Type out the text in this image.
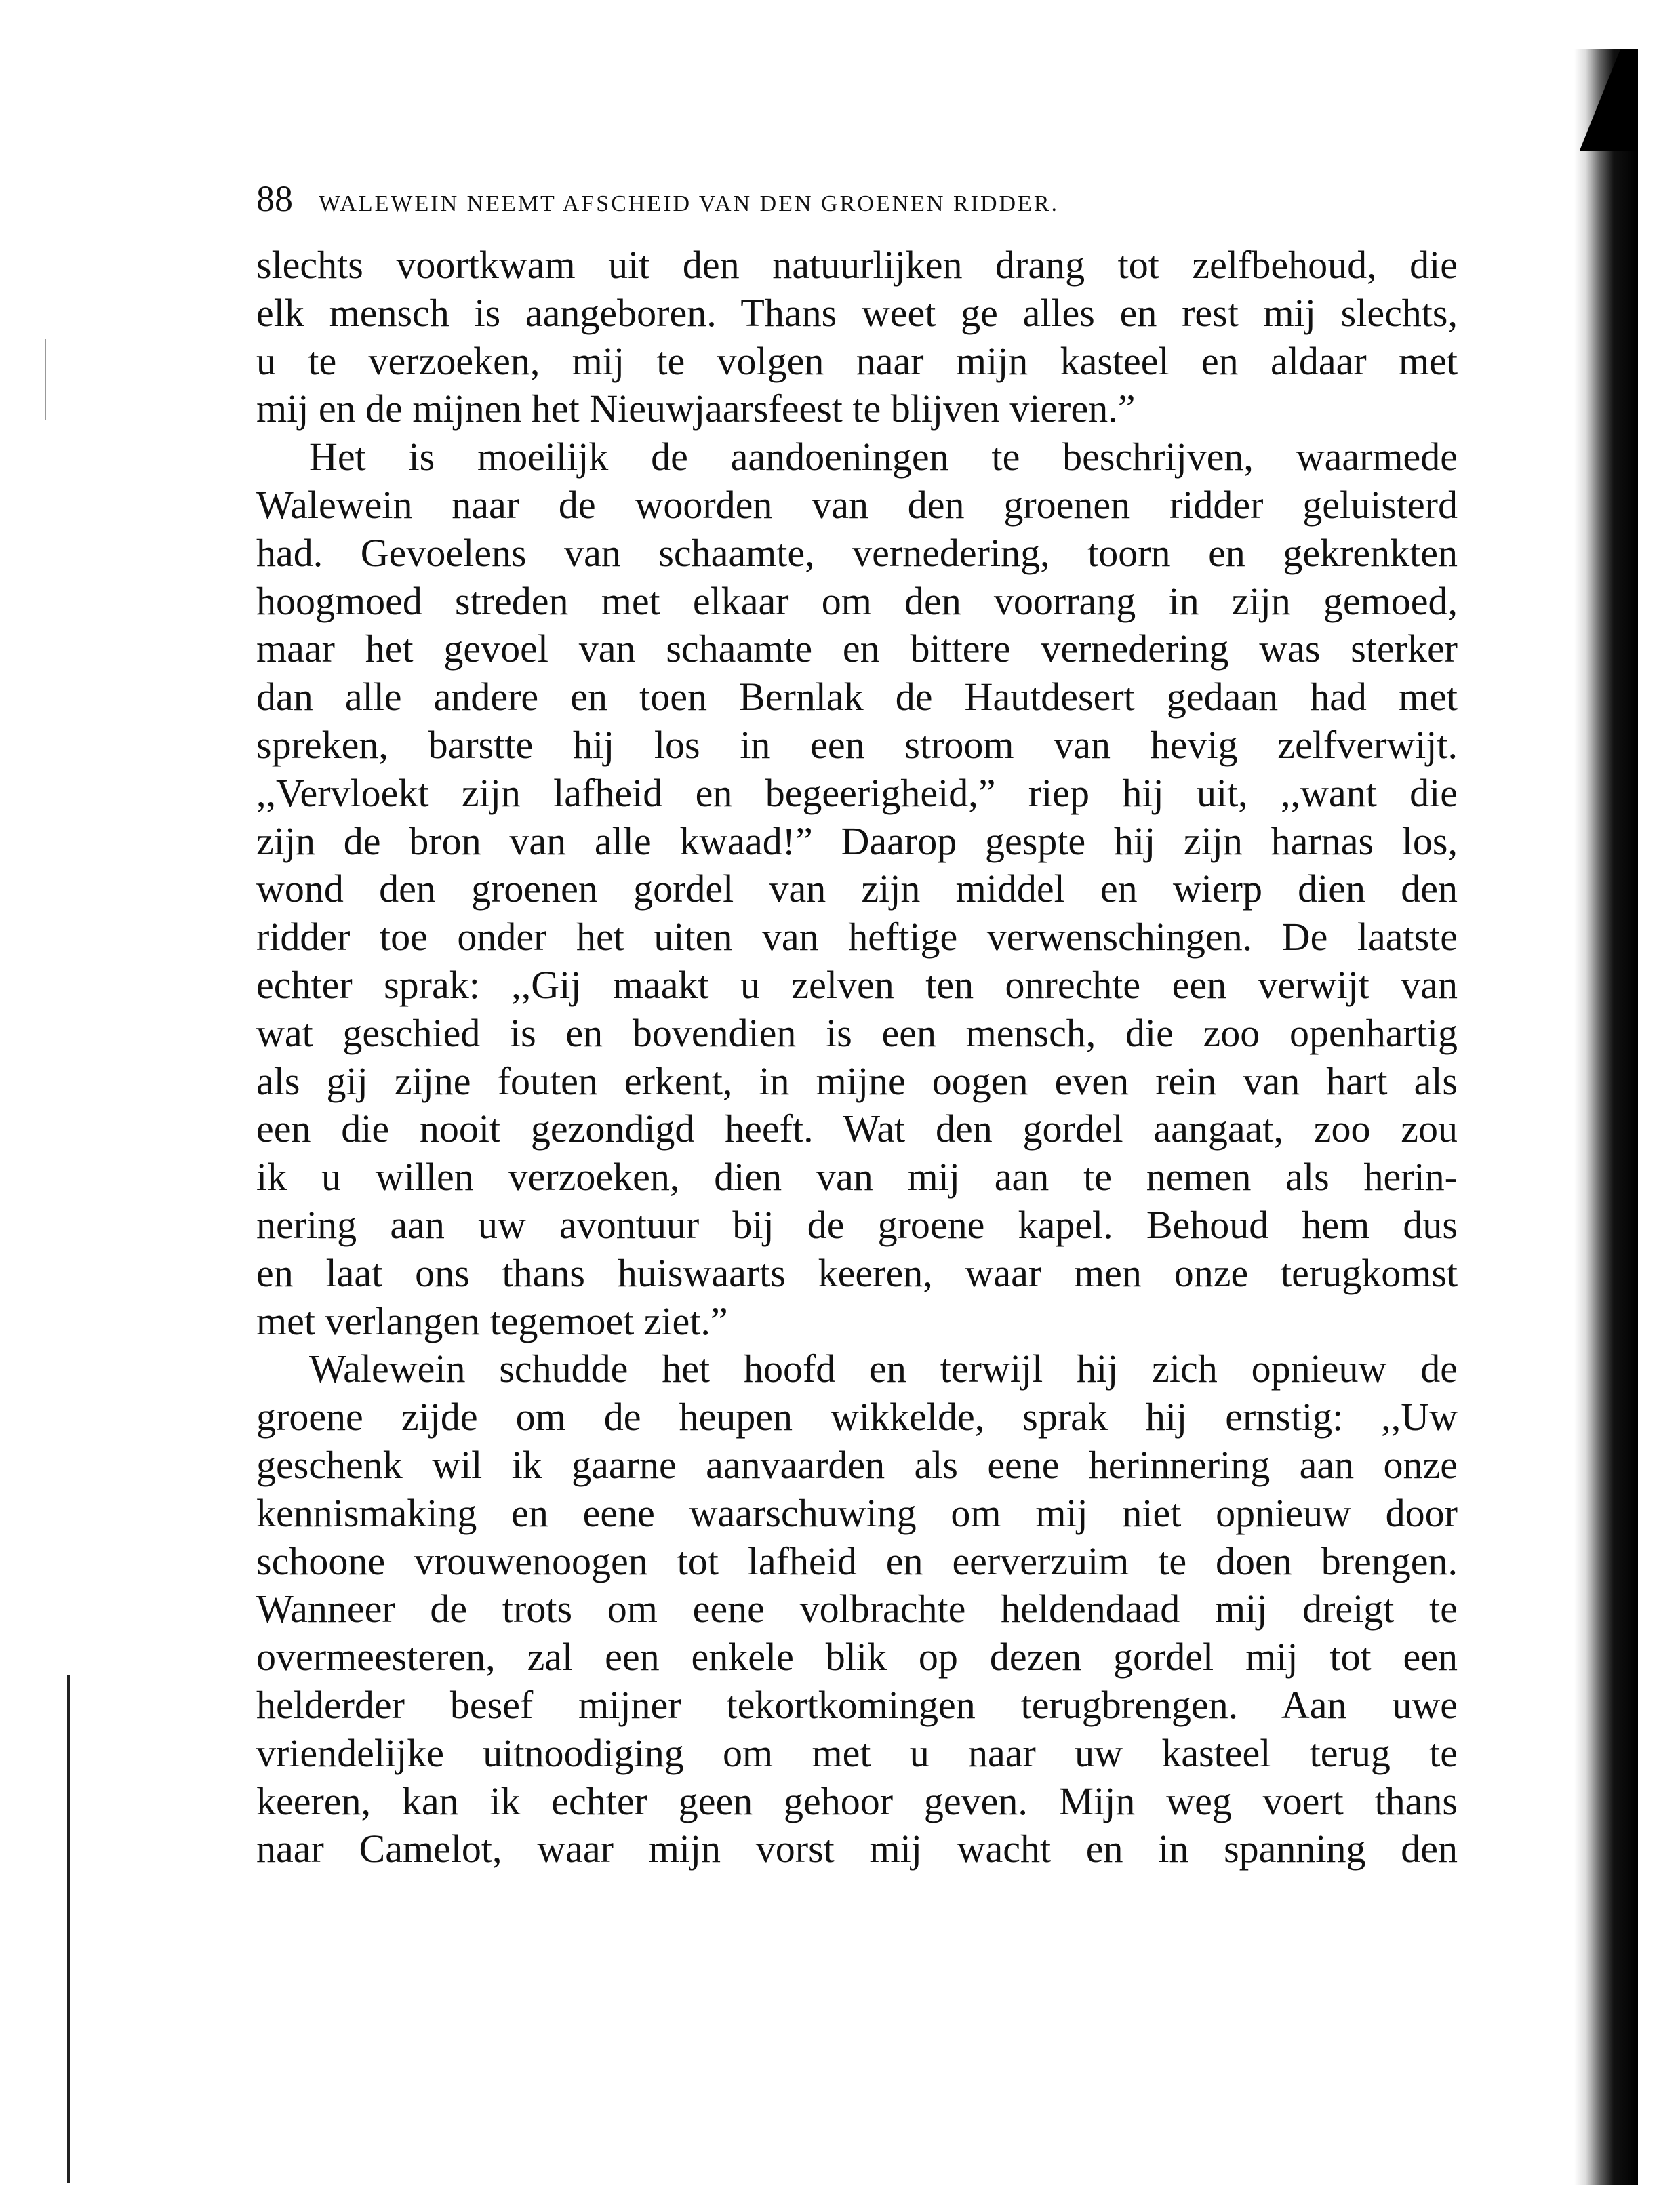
88 WALEWEIN NEEMT AFSCHEID VAN DEN GROENEN RIDDER.
slechts voortkwam uit den natuurlijken drang tot zelfbehoud, die
elk mensch is aangeboren. Thans weet ge alles en rest mij slechts,
u te verzoeken, mij te volgen naar mijn kasteel en aldaar met
mij en de mijnen het Nieuwjaarsfeest te blijven vieren.”
Het is moeilijk de aandoeningen te beschrijven, waarmede
Walewein naar de woorden van den groenen ridder geluisterd
had. Gevoelens van schaamte, vernedering, toorn en gekrenkten
hoogmoed streden met elkaar om den voorrang in zijn gemoed,
maar het gevoel van schaamte en bittere vernedering was sterker
dan alle andere en toen Bernlak de Hautdesert gedaan had met
spreken, barstte hij los in een stroom van hevig zelfverwijt.
,,Vervloekt zijn lafheid en begeerigheid,” riep hij uit, ,,want die
zijn de bron van alle kwaad!” Daarop gespte hij zijn harnas los,
wond den groenen gordel van zijn middel en wierp dien den
ridder toe onder het uiten van heftige verwenschingen. De laatste
echter sprak: ,,Gij maakt u zelven ten onrechte een verwijt van
wat geschied is en bovendien is een mensch, die zoo openhartig
als gij zijne fouten erkent, in mijne oogen even rein van hart als
een die nooit gezondigd heeft. Wat den gordel aangaat, zoo zou
ik u willen verzoeken, dien van mij aan te nemen als herin-
nering aan uw avontuur bij de groene kapel. Behoud hem dus
en laat ons thans huiswaarts keeren, waar men onze terugkomst
met verlangen tegemoet ziet.”
Walewein schudde het hoofd en terwijl hij zich opnieuw de
groene zijde om de heupen wikkelde, sprak hij ernstig: ,,Uw
geschenk wil ik gaarne aanvaarden als eene herinnering aan onze
kennismaking en eene waarschuwing om mij niet opnieuw door
schoone vrouwenoogen tot lafheid en eerverzuim te doen brengen.
Wanneer de trots om eene volbrachte heldendaad mij dreigt te
overmeesteren, zal een enkele blik op dezen gordel mij tot een
helderder besef mijner tekortkomingen terugbrengen. Aan uwe
vriendelijke uitnoodiging om met u naar uw kasteel terug te
keeren, kan ik echter geen gehoor geven. Mijn weg voert thans
naar Camelot, waar mijn vorst mij wacht en in spanning den
